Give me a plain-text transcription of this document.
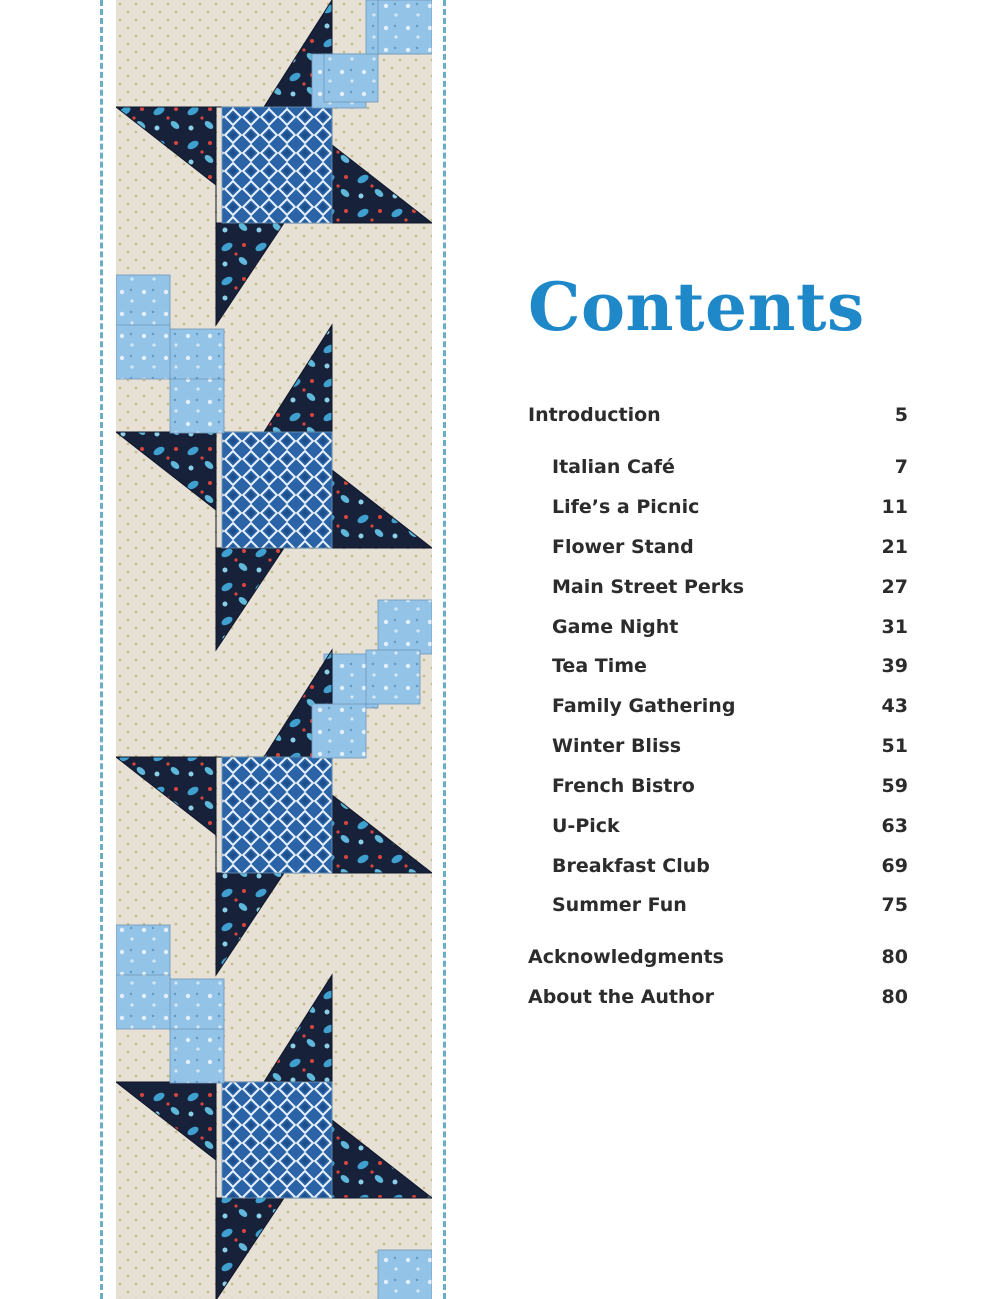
Contents
Introduction	5
Italian Café	7
Life’s a Picnic	11
Flower Stand	21
Main Street Perks	27
Game Night	31
Tea Time	39
Family Gathering	43
Winter Bliss	51
French Bistro	59
U-Pick	63
Breakfast Club	69
Summer Fun	75
Acknowledgments	80
About the Author	80
